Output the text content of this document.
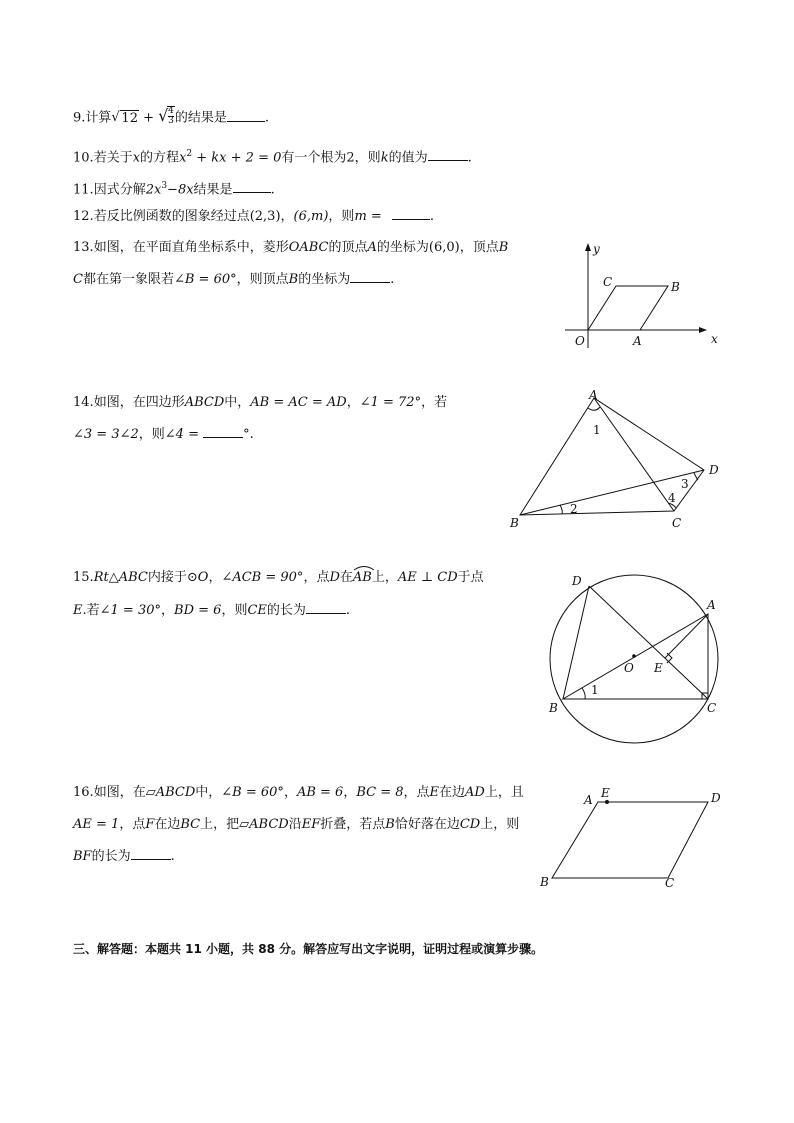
9.计算 √ 12 + √
$\frac{4}{3}$ 的结果是	.
10.若关于x的方程$x^2$ + kx + 2 = 0有一个根为2，则k的值为	.
11.因式分解$2x^3-8x$结果是	.
12.若反比例函数的图象经过点(2,3)，(6,m)，则m =	.
13.如图，在平面直角坐标系中，菱形OABC的顶点A的坐标为(6,0)，顶点B
C都在第一象限若∠B = 60°，则顶点B的坐标为	.
y
x
O	A
B
C
14.如图，在四边形ABCD中，AB = AC = AD，∠1 = 72°，若
∠3 = 3∠2，则∠4 =	°.
A
B	C
D
1
2
3
4
15.Rt△ABC内接于⊙O，∠ACB = 90°，点D在
AB上，AE ⊥ CD于点
E.若∠1 = 30°，BD = 6，则CE的长为	.	A
B	C
D
O E
1
16.如图，在▱ABCD中，∠B = 60°，AB = 6，BC = 8，点E在边AD上，且
AE = 1，点F在边BC上，把▱ABCD沿EF折叠，若点B恰好落在边CD上，则
BF的长为	.
A E	D
B	C
三、解答题：本题共 11 小题，共 88 分。解答应写出文字说明，证明过程或演算步骤。
